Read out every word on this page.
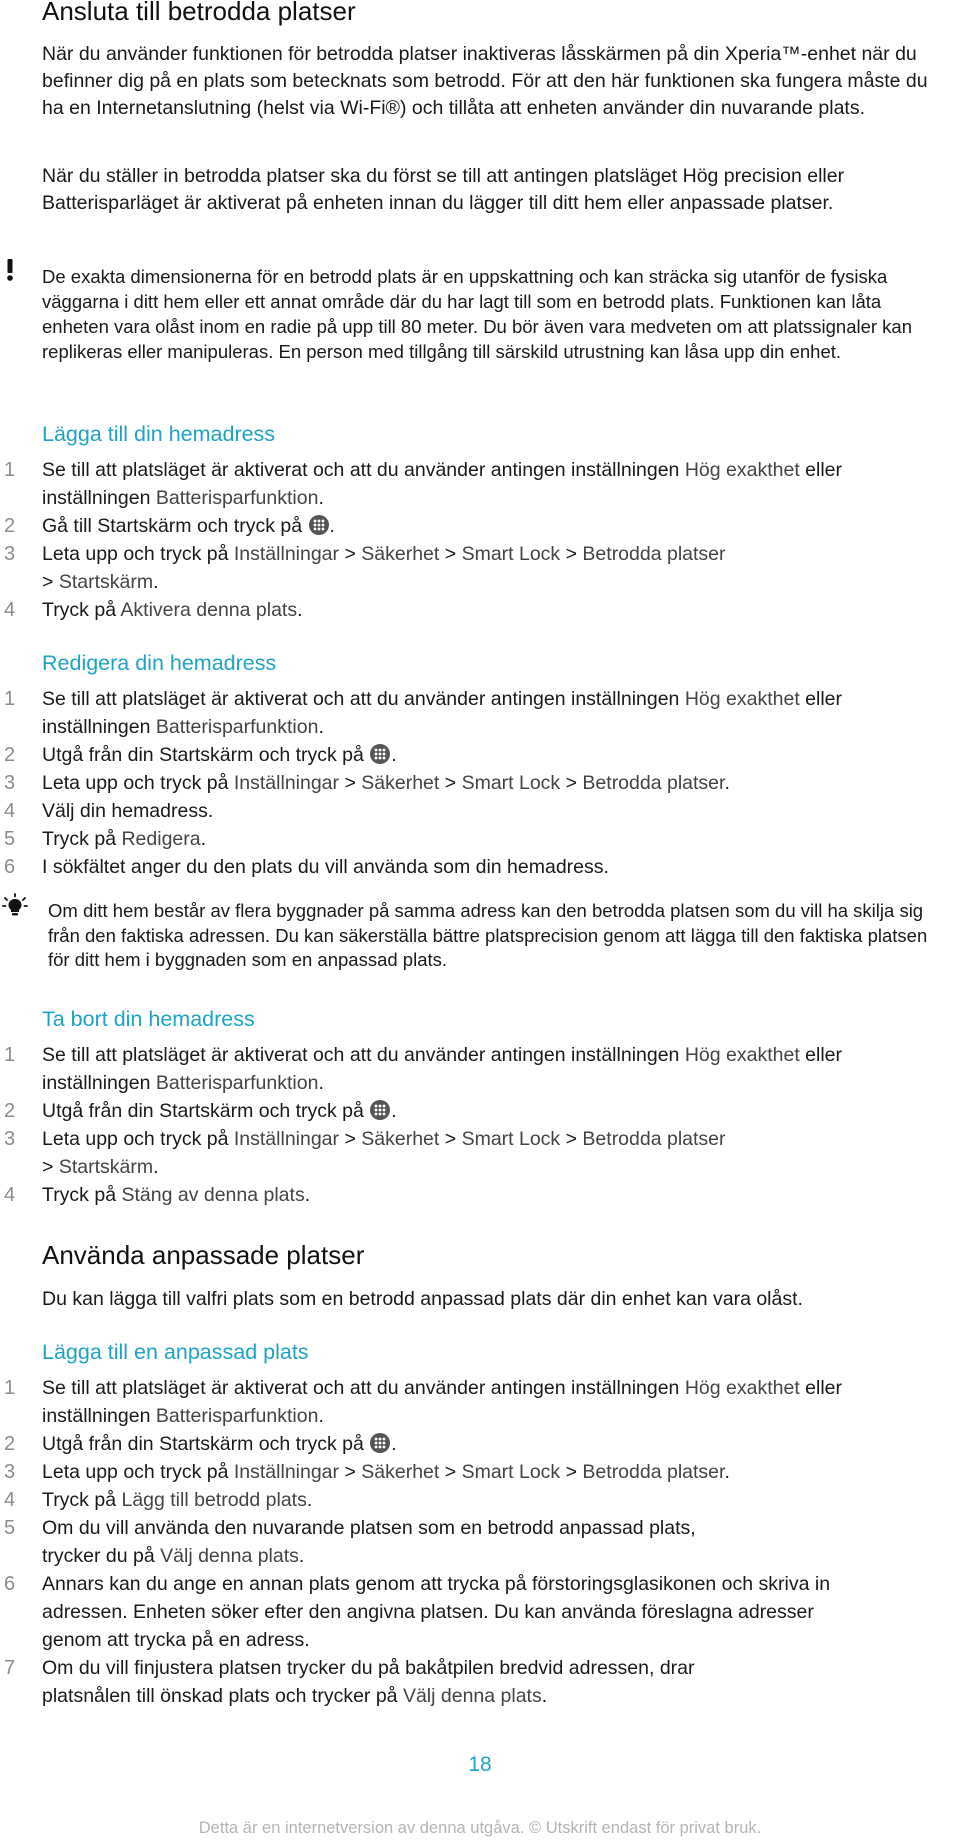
Ansluta till betrodda platser

När du använder funktionen för betrodda platser inaktiveras låsskärmen på din Xperia™-enhet när du befinner dig på en plats som betecknats som betrodd. För att den här funktionen ska fungera måste du ha en Internetanslutning (helst via Wi-Fi®) och tillåta att enheten använder din nuvarande plats.

När du ställer in betrodda platser ska du först se till att antingen platsläget Hög precision eller Batterisparläget är aktiverat på enheten innan du lägger till ditt hem eller anpassade platser.

De exakta dimensionerna för en betrodd plats är en uppskattning och kan sträcka sig utanför de fysiska väggarna i ditt hem eller ett annat område där du har lagt till som en betrodd plats. Funktionen kan låta enheten vara olåst inom en radie på upp till 80 meter. Du bör även vara medveten om att platssignaler kan replikeras eller manipuleras. En person med tillgång till särskild utrustning kan låsa upp din enhet.

Lägga till din hemadress
1	Se till att platsläget är aktiverat och att du använder antingen inställningen Hög exakthet eller inställningen Batterisparfunktion.
2	Gå till Startskärm och tryck på .
3	Leta upp och tryck på Inställningar > Säkerhet > Smart Lock > Betrodda platser
> Startskärm.
4	Tryck på Aktivera denna plats.
Redigera din hemadress
1	Se till att platsläget är aktiverat och att du använder antingen inställningen Hög exakthet eller inställningen Batterisparfunktion.
2	Utgå från din Startskärm och tryck på .
3	Leta upp och tryck på Inställningar > Säkerhet > Smart Lock > Betrodda platser.
4	Välj din hemadress.
5	Tryck på Redigera.
6	I sökfältet anger du den plats du vill använda som din hemadress.

Om ditt hem består av flera byggnader på samma adress kan den betrodda platsen som du vill ha skilja sig från den faktiska adressen. Du kan säkerställa bättre platsprecision genom att lägga till den faktiska platsen för ditt hem i byggnaden som en anpassad plats.

Ta bort din hemadress
1	Se till att platsläget är aktiverat och att du använder antingen inställningen Hög exakthet eller inställningen Batterisparfunktion.
2	Utgå från din Startskärm och tryck på .
3	Leta upp och tryck på Inställningar > Säkerhet > Smart Lock > Betrodda platser
> Startskärm.
4	Tryck på Stäng av denna plats.
Använda anpassade platser

Du kan lägga till valfri plats som en betrodd anpassad plats där din enhet kan vara olåst.

Lägga till en anpassad plats
1	Se till att platsläget är aktiverat och att du använder antingen inställningen Hög exakthet eller inställningen Batterisparfunktion.
2	Utgå från din Startskärm och tryck på .
3	Leta upp och tryck på Inställningar > Säkerhet > Smart Lock > Betrodda platser.
4	Tryck på Lägg till betrodd plats.
5	Om du vill använda den nuvarande platsen som en betrodd anpassad plats,
trycker du på Välj denna plats.
6	Annars kan du ange en annan plats genom att trycka på förstoringsglasikonen och skriva in adressen. Enheten söker efter den angivna platsen. Du kan använda föreslagna adresser genom att trycka på en adress.
7	Om du vill finjustera platsen trycker du på bakåtpilen bredvid adressen, drar
platsnålen till önskad plats och trycker på Välj denna plats.
18
Detta är en internetversion av denna utgåva. © Utskrift endast för privat bruk.
